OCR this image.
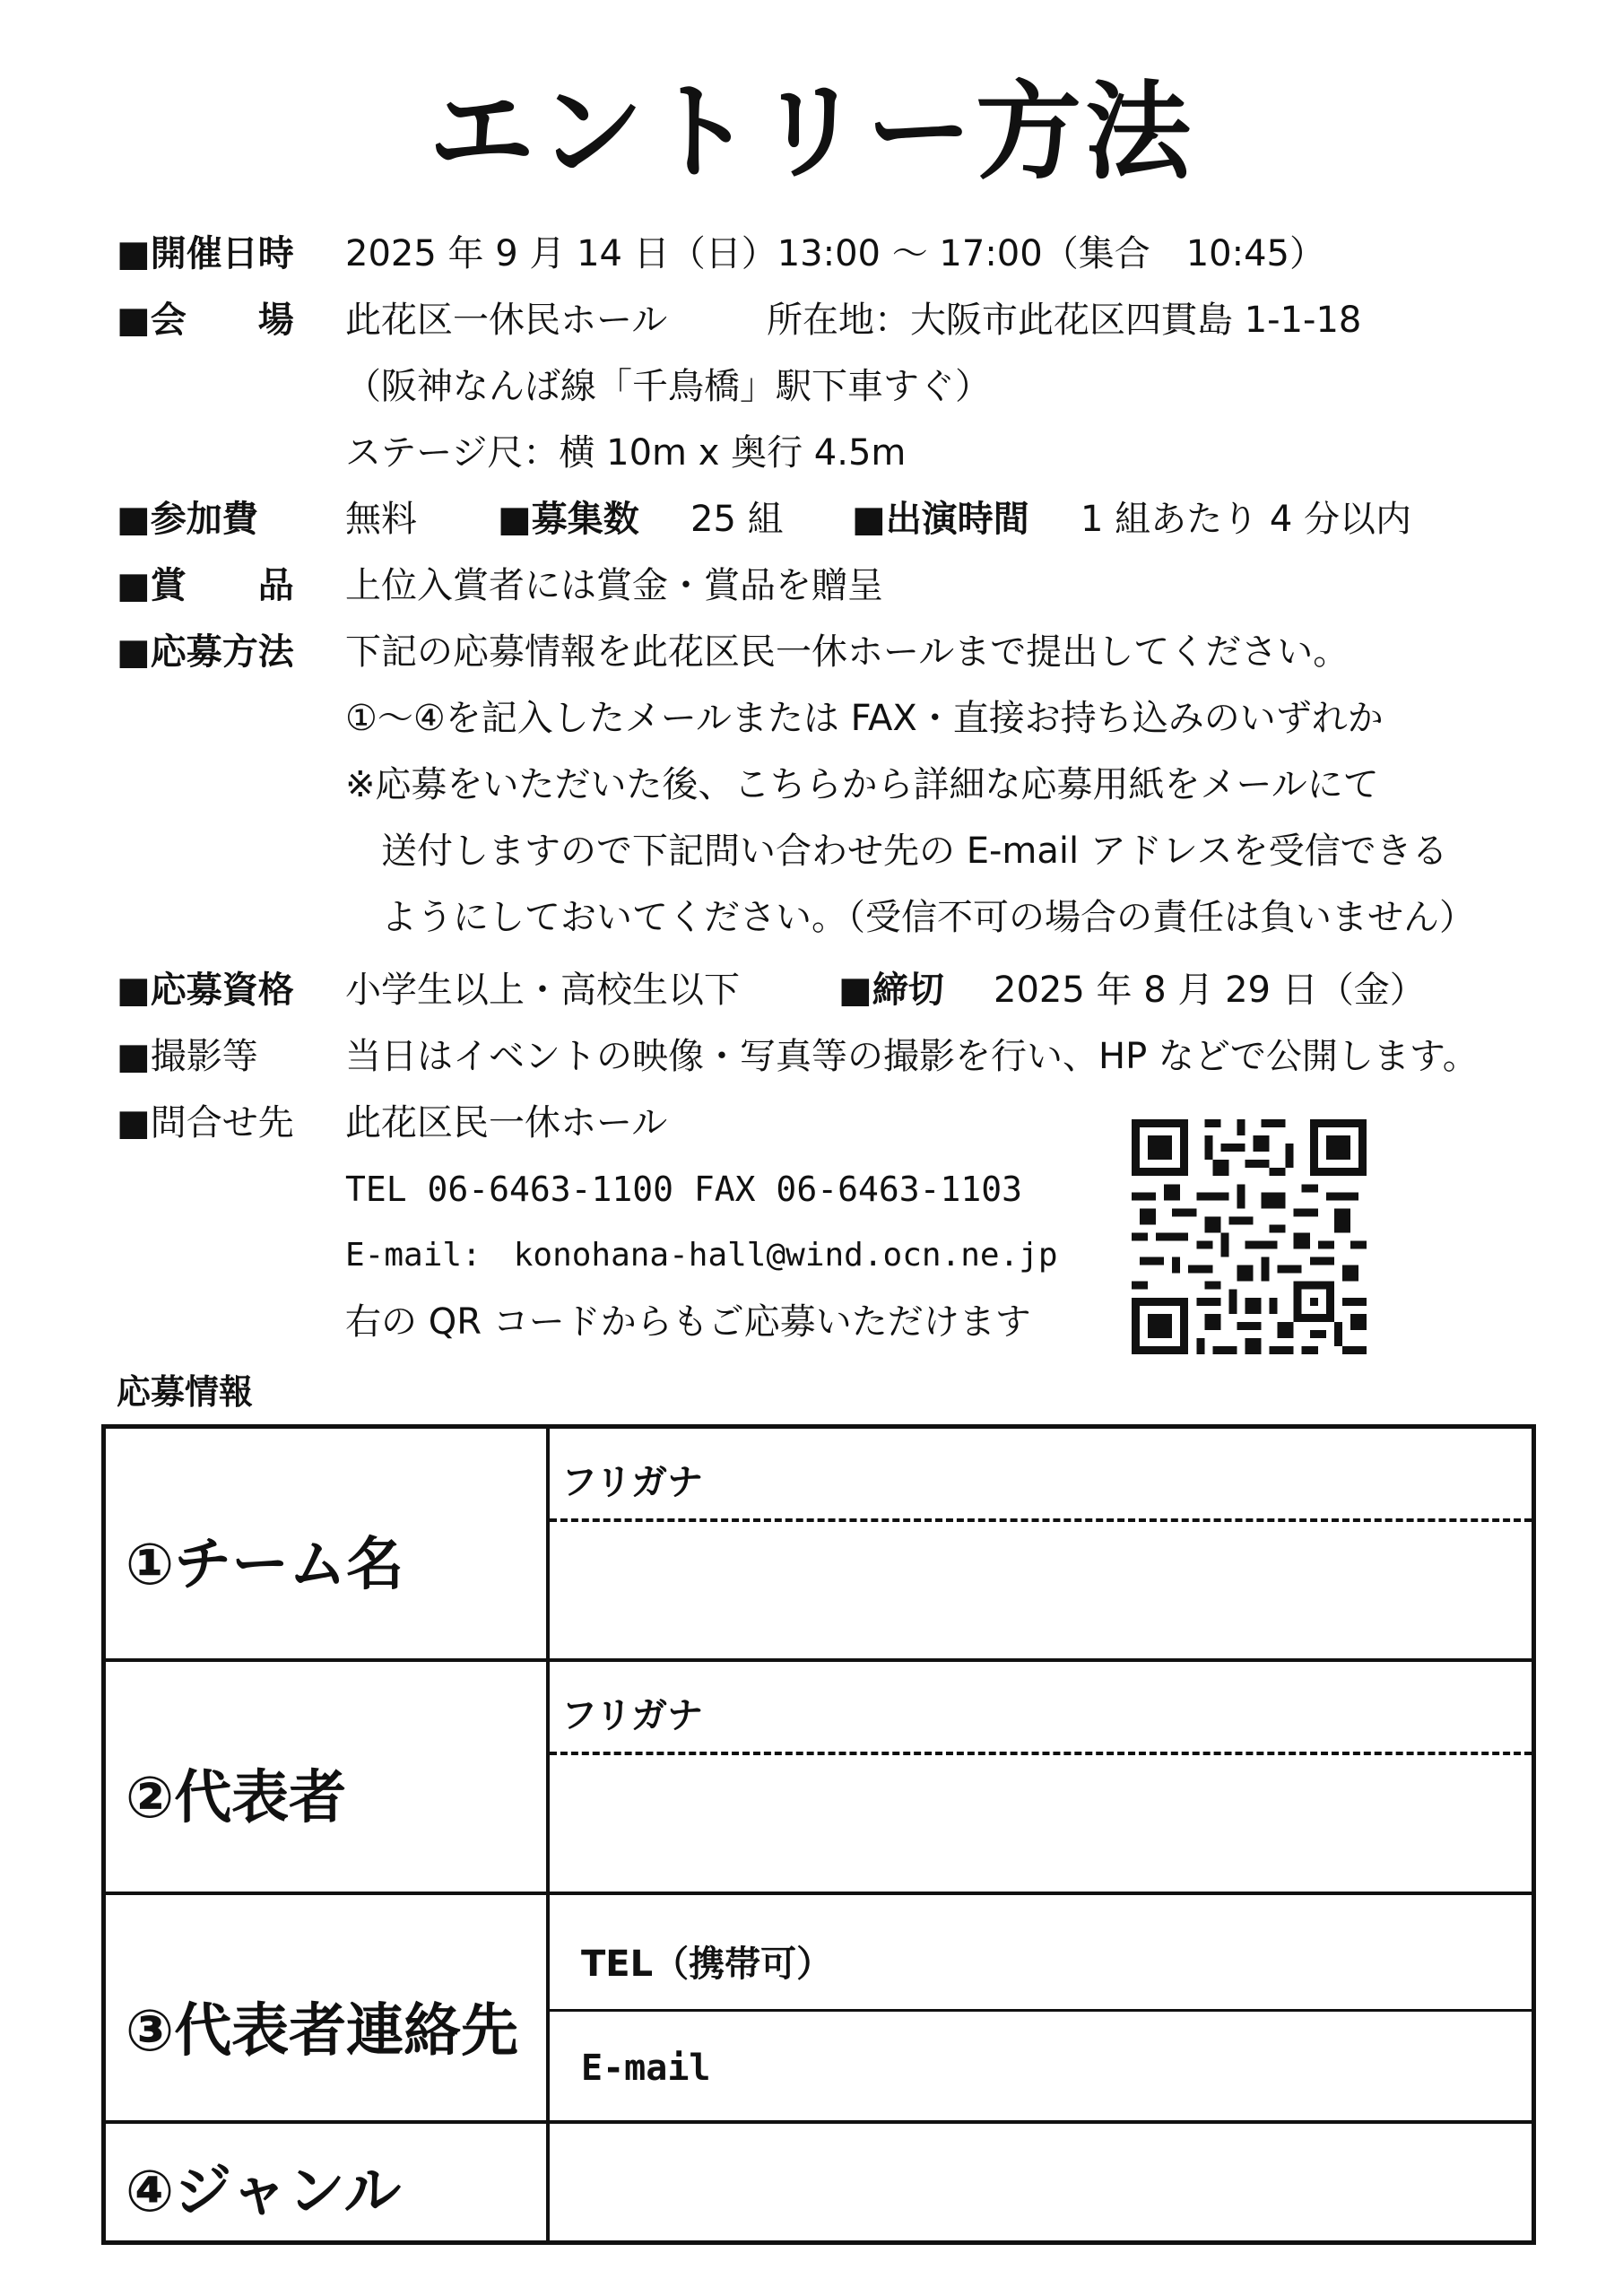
エントリー方法
■開催日時 2025 年 9 月 14 日（日）13:00 ～ 17:00（集合　10:45）
■会　　場 此花区一休民ホール	所在地：大阪市此花区四貫島 1-1-18
（阪神なんば線「千鳥橋」駅下車すぐ）
ステージ尺：横 10m x 奥行 4.5m
■参加費 無料 ■募集数 25 組 ■出演時間 1 組あたり 4 分以内
■賞　　品 上位入賞者には賞金・賞品を贈呈
■応募方法 下記の応募情報を此花区民一休ホールまで提出してください。
①～④を記入したメールまたは FAX・直接お持ち込みのいずれか
※応募をいただいた後、こちらから詳細な応募用紙をメールにて
送付しますので下記問い合わせ先の E-mail アドレスを受信できる
ようにしておいてください。（受信不可の場合の責任は負いません）
■応募資格 小学生以上・高校生以下	■締切 2025 年 8 月 29 日（金）
■撮影等 当日はイベントの映像・写真等の撮影を行い、HP などで公開します。
■問合せ先 此花区民一休ホール
TEL 06-6463-1100 FAX 06-6463-1103
E-mail:　konohana-hall@wind.ocn.ne.jp
右の QR コードからもご応募いただけます
応募情報
①チーム名
フリガナ
②代表者
フリガナ
③代表者連絡先
TEL（携帯可）
E-mail
④ジャンル
